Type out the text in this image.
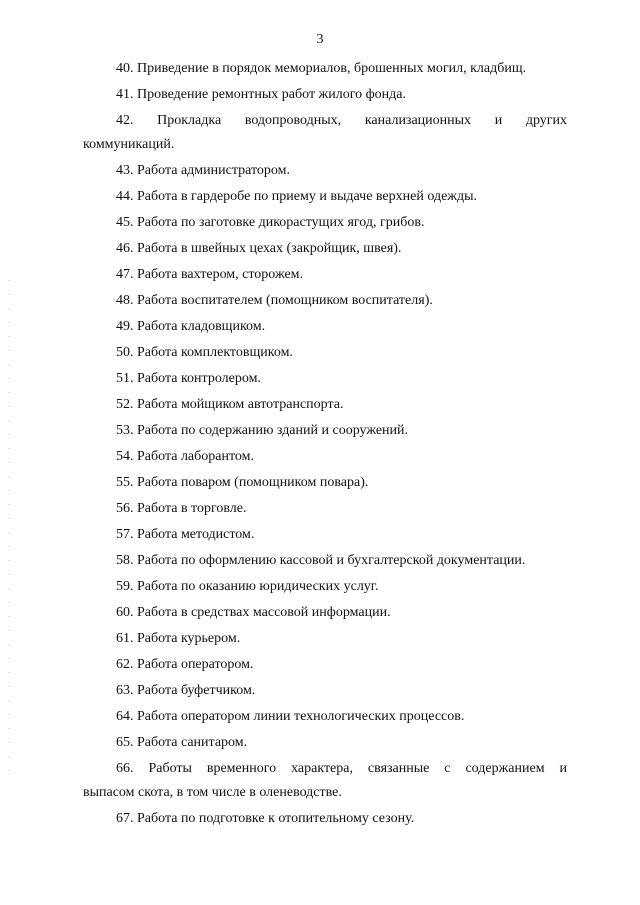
3
40. Приведение в порядок мемориалов, брошенных могил, кладбищ.
41. Проведение ремонтных работ жилого фонда.
42.  Прокладка  водопроводных,  канализационных  и  других
коммуникаций.
43. Работа администратором.
44. Работа в гардеробе по приему и выдаче верхней одежды.
45. Работа по заготовке дикорастущих ягод, грибов.
46. Работа в швейных цехах (закройщик, швея).
47. Работа вахтером, сторожем.
48. Работа воспитателем (помощником воспитателя).
49. Работа кладовщиком.
50. Работа комплектовщиком.
51. Работа контролером.
52. Работа мойщиком автотранспорта.
53. Работа по содержанию зданий и сооружений.
54. Работа лаборантом.
55. Работа поваром (помощником повара).
56. Работа в торговле.
57. Работа методистом.
58. Работа по оформлению кассовой и бухгалтерской документации.
59. Работа по оказанию юридических услуг.
60. Работа в средствах массовой информации.
61. Работа курьером.
62. Работа оператором.
63. Работа буфетчиком.
64. Работа оператором линии технологических процессов.
65. Работа санитаром.
66.  Работы  временного  характера,  связанные  с  содержанием  и
выпасом скота, в том числе в оленеводстве.
67. Работа по подготовке к отопительному сезону.
